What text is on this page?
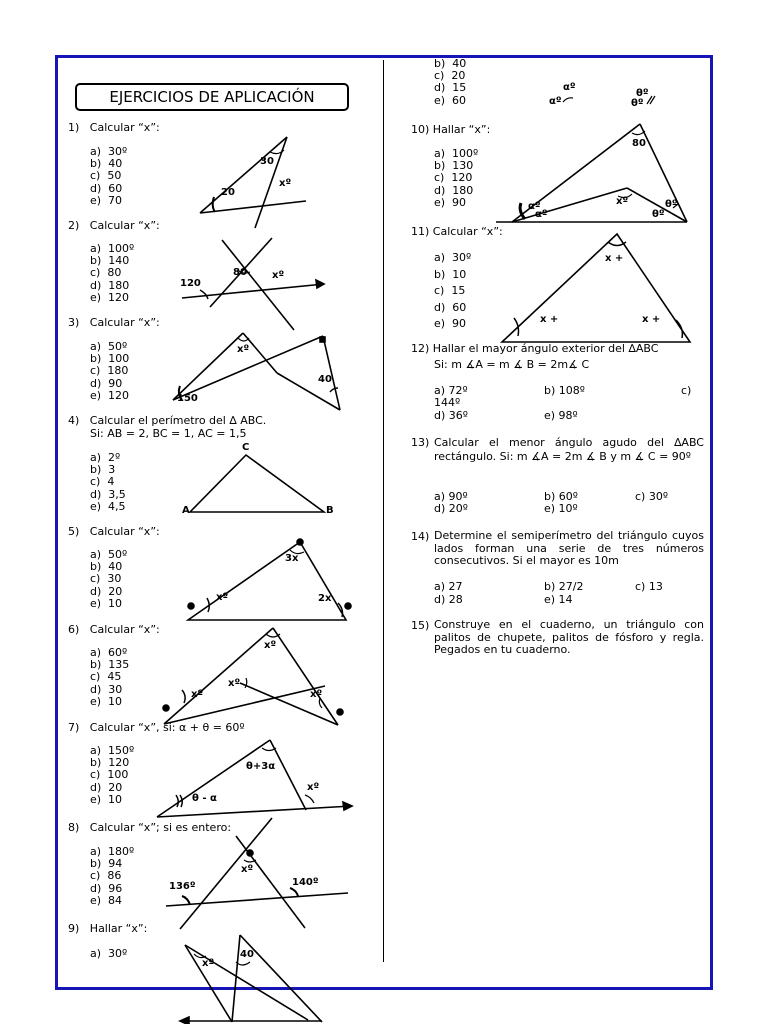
EJERCICIOS DE APLICACIÓN
1) Calcular “x”:
a)  30º
b)  40
c)  50
d)  60
e)  70
2) Calcular “x”:
a)  100º
b)  140
c)  80
d)  180
e)  120
3) Calcular “x”:
a)  50º
b)  100
c)  180
d)  90
e)  120
4) Calcular el perímetro del ∆ ABC.
Si: AB = 2, BC = 1, AC = 1,5
a)  2º
b)  3
c)  4
d)  3,5
e)  4,5
5) Calcular “x”:
a)  50º
b)  40
c)  30
d)  20
e)  10
6) Calcular “x”:
a)  60º
b)  135
c)  45
d)  30
e)  10
7) Calcular “x”, si: α + θ = 60º
a)  150º
b)  120
c)  100
d)  20
e)  10
8) Calcular “x”; si es entero:
a)  180º
b)  94
c)  86
d)  96
e)  84
9) Hallar “x”:
a)  30º
b)  40
c)  20
d)  15
e)  60
10) Hallar “x”:
a)  100º
b)  130
c)  120
d)  180
e)  90
11) Calcular “x”:
a)  30º
b)  10
c)  15
d)  60
e)  90
12) Hallar el mayor ángulo exterior del ∆ABC
Si: m ∡A = m ∡ B = 2m∡ C
a) 72º	b) 108º	c)
144º
d) 36º	e) 98º
13) Calcular el menor ángulo agudo del ∆ABC rectángulo. Si: m ∡A = 2m ∡ B y m ∡ C = 90º
a) 90º	b) 60º	c) 30º
d) 20º	e) 10º
14) Determine el semiperímetro del triángulo cuyos lados forman una serie de tres números consecutivos. Si el mayor es 10m
a) 27	b) 27/2	c) 13
d) 28	e) 14
15) Construye en el cuaderno, un triángulo con palitos de chupete, palitos de fósforo y regla. Pegados en tu cuaderno.
30
20
xº
120
80	xº
xº
40
150
C
A	B
3x
xº	2x
xº
xº
xº
xº
θ+3α
xº
θ - α
xº
136º	140º
xº
40
αº
αº
θº
θº
80
xº
αº
αº
θº
θº
x +
x +	x +
